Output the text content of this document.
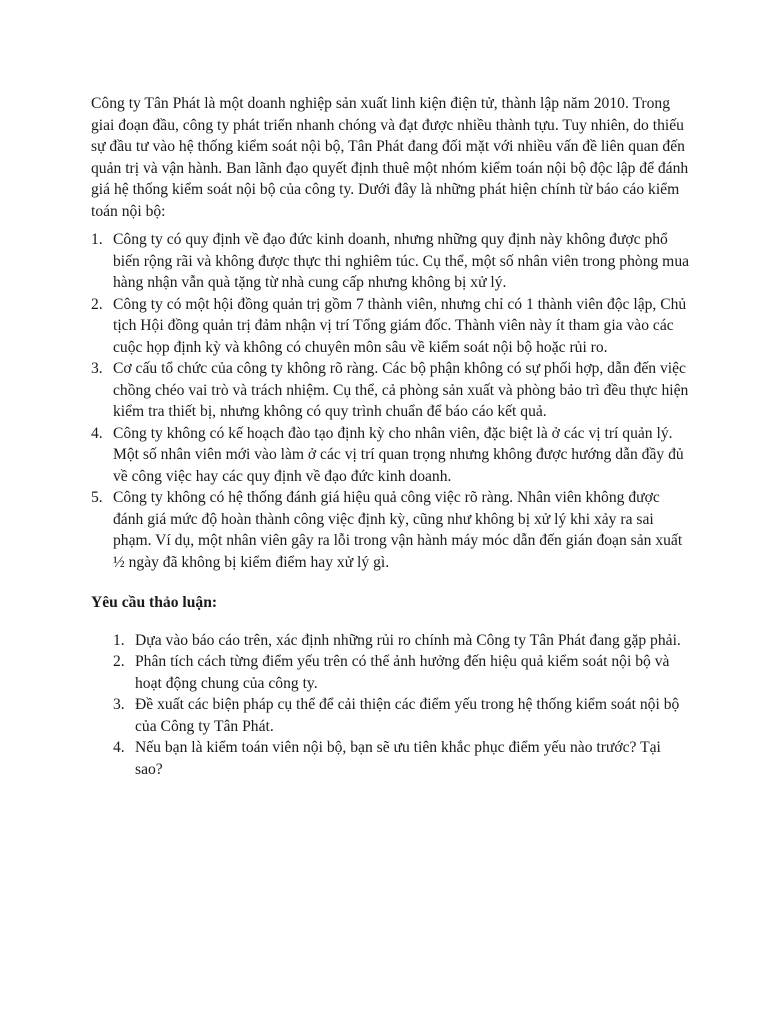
Công ty Tân Phát là một doanh nghiệp sản xuất linh kiện điện tử, thành lập năm 2010. Trong giai đoạn đầu, công ty phát triển nhanh chóng và đạt được nhiều thành tựu. Tuy nhiên, do thiếu sự đầu tư vào hệ thống kiểm soát nội bộ, Tân Phát đang đối mặt với nhiều vấn đề liên quan đến quản trị và vận hành. Ban lãnh đạo quyết định thuê một nhóm kiểm toán nội bộ độc lập để đánh giá hệ thống kiểm soát nội bộ của công ty. Dưới đây là những phát hiện chính từ báo cáo kiểm toán nội bộ:

1. Công ty có quy định về đạo đức kinh doanh, nhưng những quy định này không được phổ biến rộng rãi và không được thực thi nghiêm túc. Cụ thể, một số nhân viên trong phòng mua hàng nhận vẫn quà tặng từ nhà cung cấp nhưng không bị xử lý.
2. Công ty có một hội đồng quản trị gồm 7 thành viên, nhưng chỉ có 1 thành viên độc lập, Chủ tịch Hội đồng quản trị đảm nhận vị trí Tổng giám đốc. Thành viên này ít tham gia vào các cuộc họp định kỳ và không có chuyên môn sâu về kiểm soát nội bộ hoặc rủi ro.
3. Cơ cấu tổ chức của công ty không rõ ràng. Các bộ phận không có sự phối hợp, dẫn đến việc chồng chéo vai trò và trách nhiệm. Cụ thể, cả phòng sản xuất và phòng bảo trì đều thực hiện kiểm tra thiết bị, nhưng không có quy trình chuẩn để báo cáo kết quả.
4. Công ty không có kế hoạch đào tạo định kỳ cho nhân viên, đặc biệt là ở các vị trí quản lý. Một số nhân viên mới vào làm ở các vị trí quan trọng nhưng không được hướng dẫn đầy đủ về công việc hay các quy định về đạo đức kinh doanh.
5. Công ty không có hệ thống đánh giá hiệu quả công việc rõ ràng. Nhân viên không được đánh giá mức độ hoàn thành công việc định kỳ, cũng như không bị xử lý khi xảy ra sai phạm. Ví dụ, một nhân viên gây ra lỗi trong vận hành máy móc dẫn đến gián đoạn sản xuất ½ ngày đã không bị kiểm điểm hay xử lý gì.

Yêu cầu thảo luận:

1. Dựa vào báo cáo trên, xác định những rủi ro chính mà Công ty Tân Phát đang gặp phải.
2. Phân tích cách từng điểm yếu trên có thể ảnh hưởng đến hiệu quả kiểm soát nội bộ và hoạt động chung của công ty.
3. Đề xuất các biện pháp cụ thể để cải thiện các điểm yếu trong hệ thống kiểm soát nội bộ của Công ty Tân Phát.
4. Nếu bạn là kiểm toán viên nội bộ, bạn sẽ ưu tiên khắc phục điểm yếu nào trước? Tại sao?
